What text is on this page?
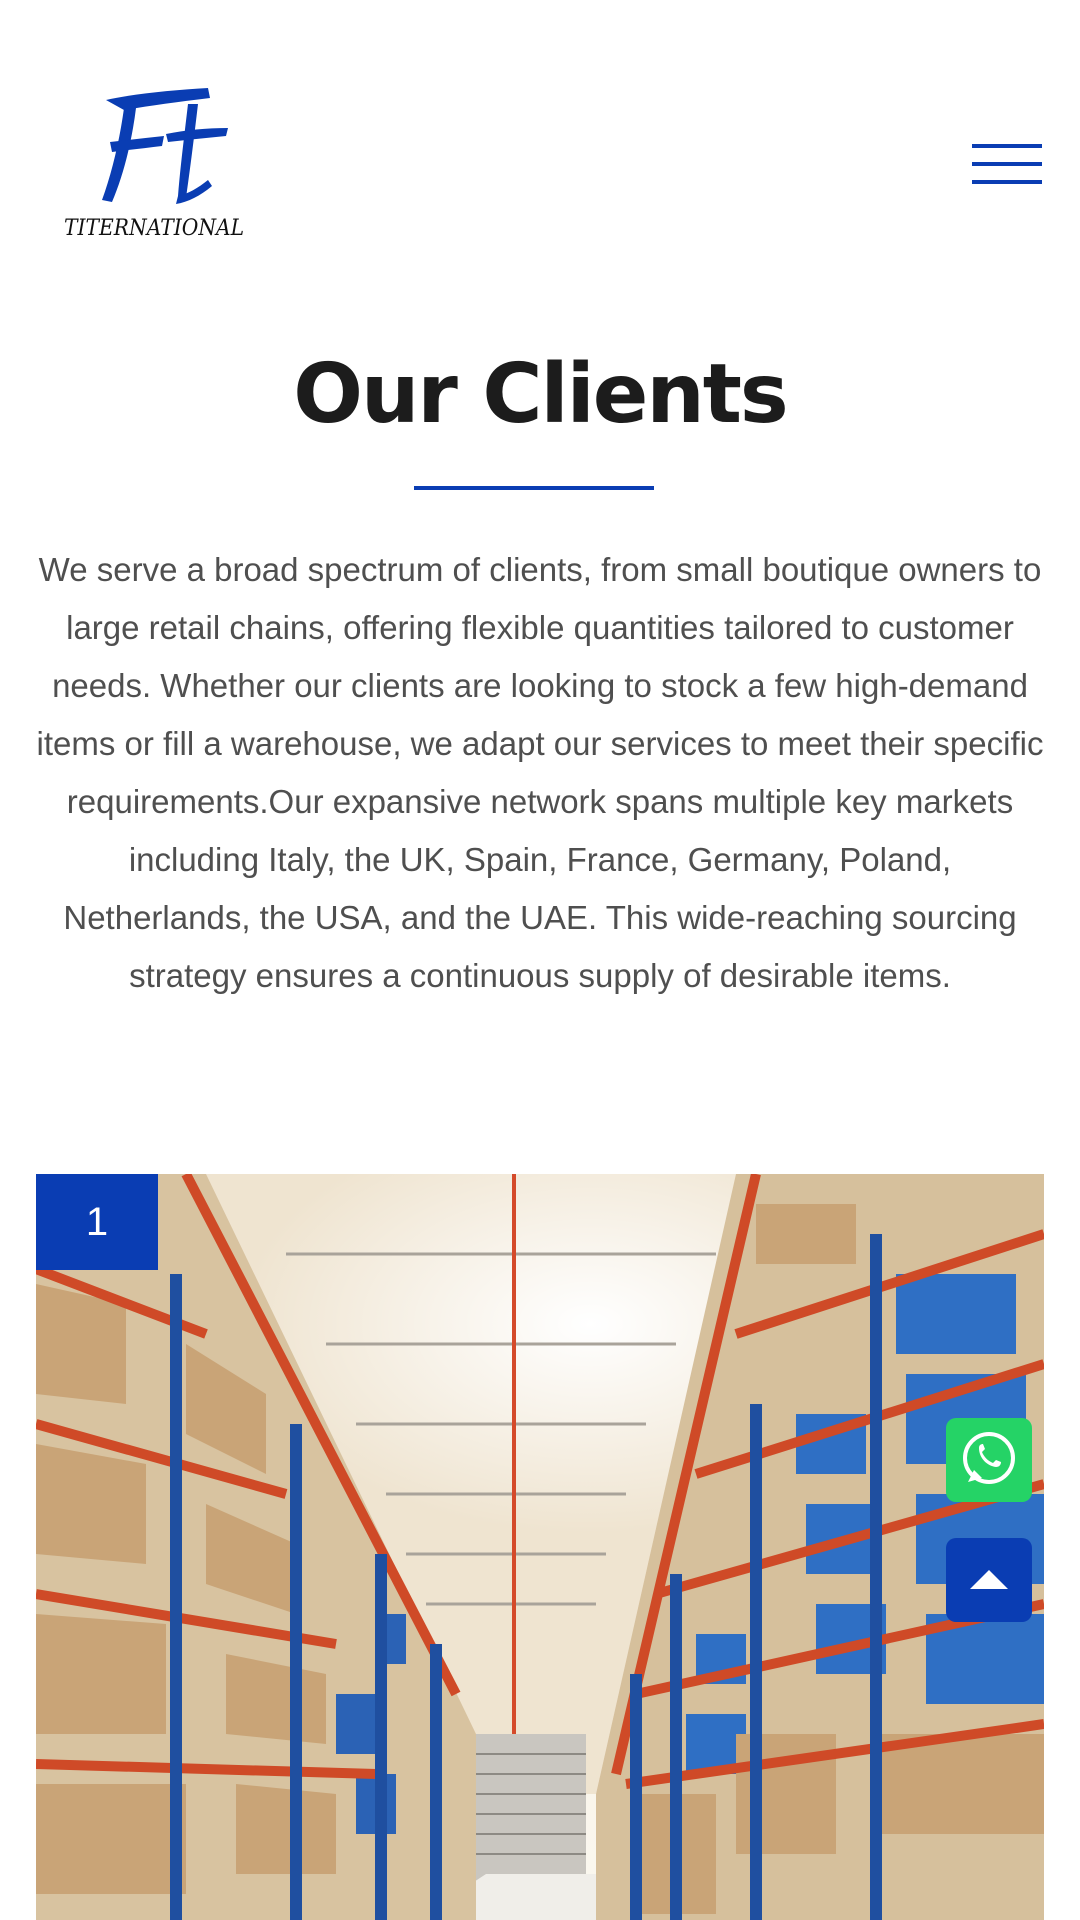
TITERNATIONAL
Our Clients

We serve a broad spectrum of clients, from small boutique owners to large retail chains, offering flexible quantities tailored to customer needs. Whether our clients are looking to stock a few high-demand items or fill a warehouse, we adapt our services to meet their specific requirements.Our expansive network spans multiple key markets including Italy, the UK, Spain, France, Germany, Poland, Netherlands, the USA, and the UAE. This wide-reaching sourcing strategy ensures a continuous supply of desirable items.

1
